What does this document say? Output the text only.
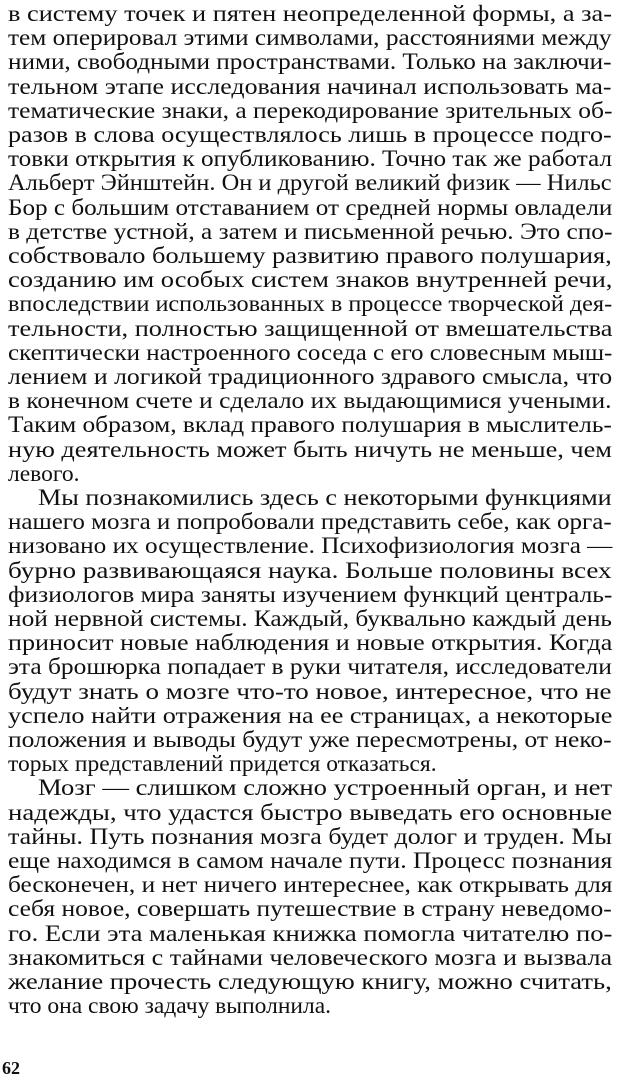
в систему точек и пятен неопределенной формы, а за-
тем оперировал этими символами, расстояниями между
ними, свободными пространствами. Только на заключи-
тельном этапе исследования начинал использовать ма-
тематические знаки, а перекодирование зрительных об-
разов в слова осуществлялось лишь в процессе подго-
товки открытия к опубликованию. Точно так же работал
Альберт Эйнштейн. Он и другой великий физик — Нильс
Бор с большим отставанием от средней нормы овладели
в детстве устной, а затем и письменной речью. Это спо-
собствовало большему развитию правого полушария,
созданию им особых систем знаков внутренней речи,
впоследствии использованных в процессе творческой дея-
тельности, полностью защищенной от вмешательства
скептически настроенного соседа с его словесным мыш-
лением и логикой традиционного здравого смысла, что
в конечном счете и сделало их выдающимися учеными.
Таким образом, вклад правого полушария в мыслитель-
ную деятельность может быть ничуть не меньше, чем
левого.
Мы познакомились здесь с некоторыми функциями
нашего мозга и попробовали представить себе, как орга-
низовано их осуществление. Психофизиология мозга —
бурно развивающаяся наука. Больше половины всех
физиологов мира заняты изучением функций централь-
ной нервной системы. Каждый, буквально каждый день
приносит новые наблюдения и новые открытия. Когда
эта брошюрка попадает в руки читателя, исследователи
будут знать о мозге что-то новое, интересное, что не
успело найти отражения на ее страницах, а некоторые
положения и выводы будут уже пересмотрены, от неко-
торых представлений придется отказаться.
Мозг — слишком сложно устроенный орган, и нет
надежды, что удастся быстро выведать его основные
тайны. Путь познания мозга будет долог и труден. Мы
еще находимся в самом начале пути. Процесс познания
бесконечен, и нет ничего интереснее, как открывать для
себя новое, совершать путешествие в страну неведомо-
го. Если эта маленькая книжка помогла читателю по-
знакомиться с тайнами человеческого мозга и вызвала
желание прочесть следующую книгу, можно считать,
что она свою задачу выполнила.
62
